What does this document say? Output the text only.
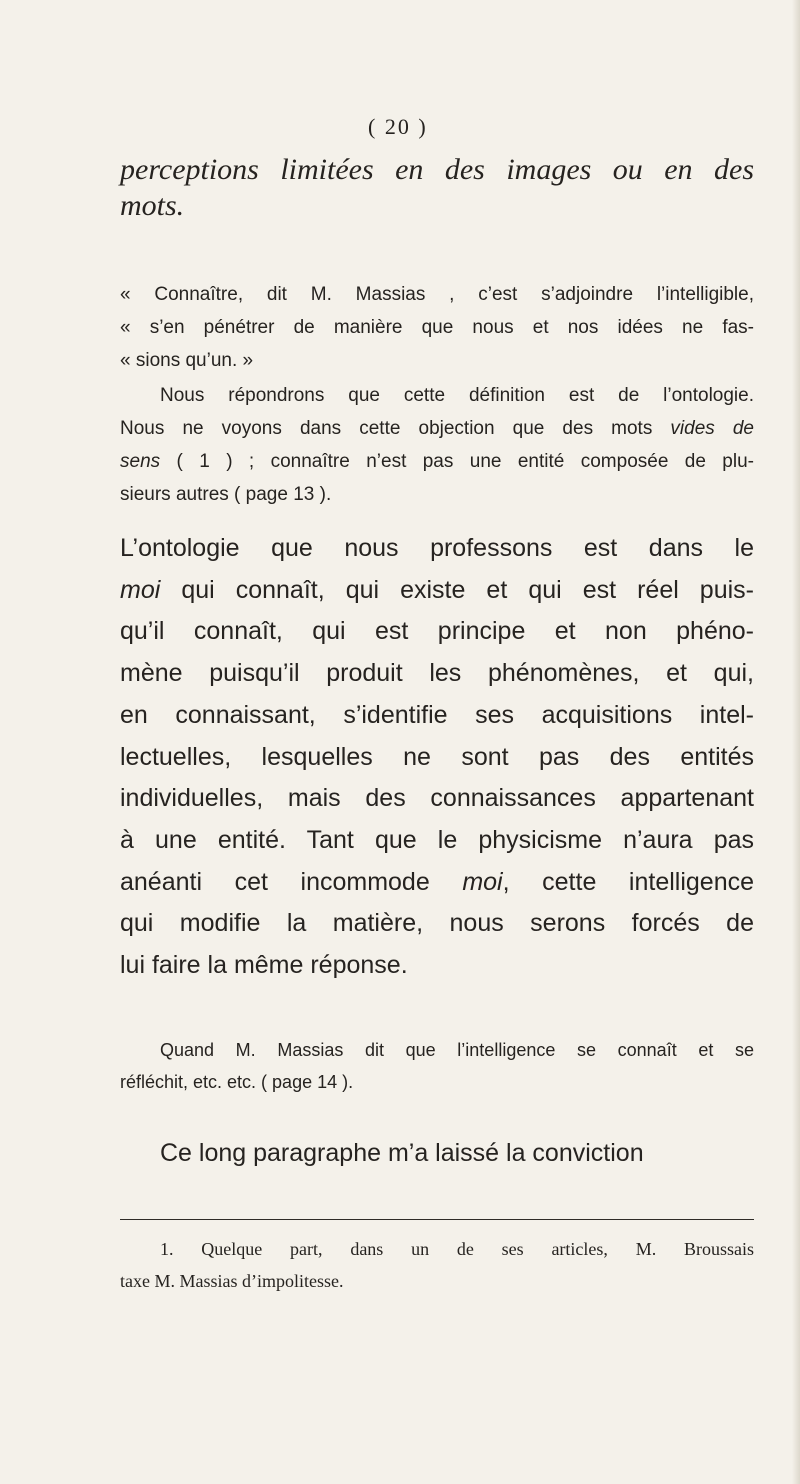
( 20 )
perceptions limitées en des images ou en des
mots.
« Connaître, dit M. Massias , c’est s’adjoindre l’intelligible,
« s’en pénétrer de manière que nous et nos idées ne fas-
« sions qu’un. »
Nous répondrons que cette définition est de l’ontologie.
Nous ne voyons dans cette objection que des mots vides de
sens ( 1 ) ; connaître n’est pas une entité composée de plu-
sieurs autres ( page 13 ).
L’ontologie que nous professons est dans le
moi qui connaît, qui existe et qui est réel puis-
qu’il connaît, qui est principe et non phéno-
mène puisqu’il produit les phénomènes, et qui,
en connaissant, s’identifie ses acquisitions intel-
lectuelles, lesquelles ne sont pas des entités
individuelles, mais des connaissances appartenant
à une entité. Tant que le physicisme n’aura pas
anéanti cet incommode moi, cette intelligence
qui modifie la matière, nous serons forcés de
lui faire la même réponse.
Quand M. Massias dit que l’intelligence se connaît et se
réfléchit, etc. etc. ( page 14 ).
Ce long paragraphe m’a laissé la conviction
1. Quelque part, dans un de ses articles, M. Broussais
taxe M. Massias d’impolitesse.
